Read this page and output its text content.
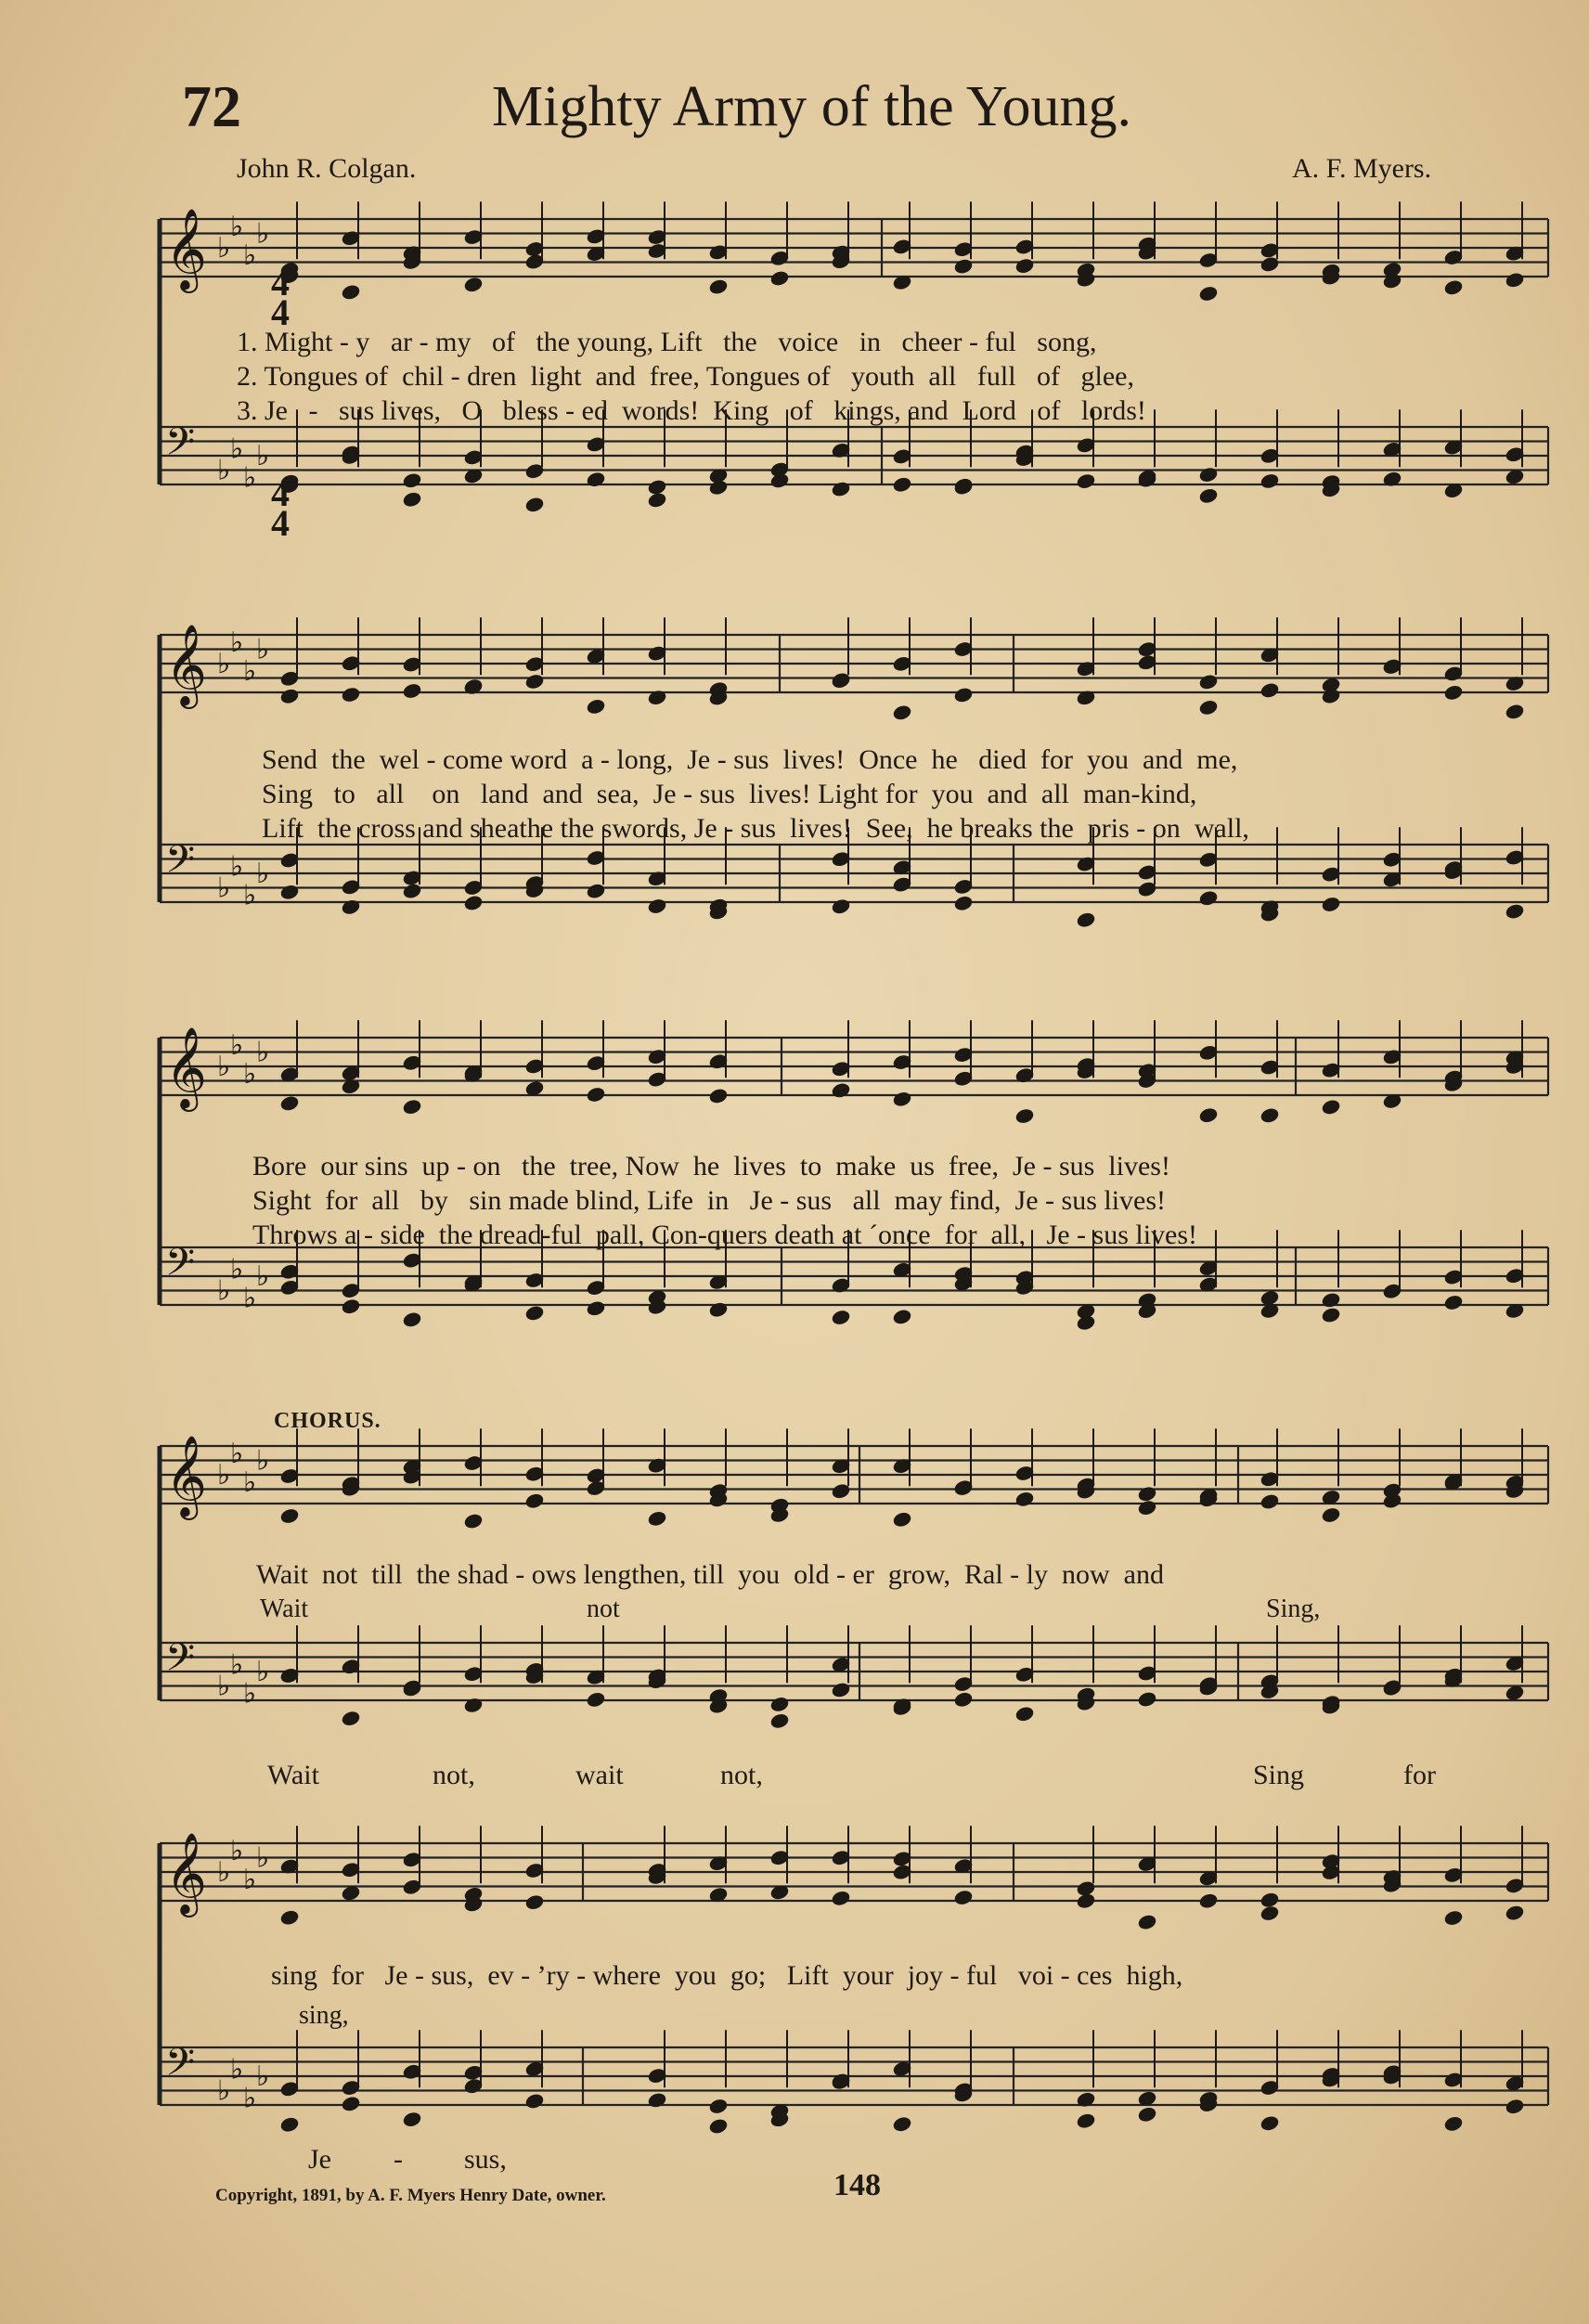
72	Mighty Army of the Young.
John R. Colgan.	A. F. Myers.
𝄞 ♭
♭
♭
♭
𝄢 ♭
♭
♭
♭
𝄞 ♭
♭
♭
♭
𝄢 ♭
♭
♭
♭
𝄞 ♭
♭
♭
♭
𝄢 ♭
♭
♭
♭
𝄞 ♭
♭
♭
♭
𝄢 ♭
♭
♭
♭
𝄞 ♭
♭
♭
♭
𝄢 ♭
♭
♭
♭
4
4
4
4
1. Might - y   ar - my   of   the young, Lift   the   voice   in   cheer - ful   song,
2. Tongues of  chil - dren  light  and  free, Tongues of   youth  all   full   of   glee,
3. Je   -   sus lives,   O   bless - ed  words!  King   of   kings, and  Lord   of   lords!
Send  the  wel - come word  a - long,  Je - sus  lives!  Once  he   died  for  you  and  me,
Sing   to   all    on   land  and  sea,  Je - sus  lives! Light for  you  and  all  man-kind,
Lift  the cross and sheathe the swords, Je - sus  lives!  See,  he breaks the  pris - on  wall,
Bore  our sins  up - on   the  tree, Now  he  lives  to  make  us  free,  Je - sus  lives!
Sight  for  all   by   sin made blind, Life  in   Je - sus   all  may find,  Je - sus lives!
Throws a - side  the dread-ful  pall, Con-quers death at ´once  for  all,   Je - sus lives!
CHORUS.
Wait  not  till  the shad - ows lengthen, till  you  old - er  grow,  Ral - ly  now  and
Wait	not	Sing,
Wait	not,	wait	not,	Sing	for
sing  for   Je - sus,  ev - ’ry - where  you  go;   Lift  your  joy - ful   voi - ces  high,
sing,
Je - sus,
Copyright, 1891, by A. F. Myers Henry Date, owner.	148
